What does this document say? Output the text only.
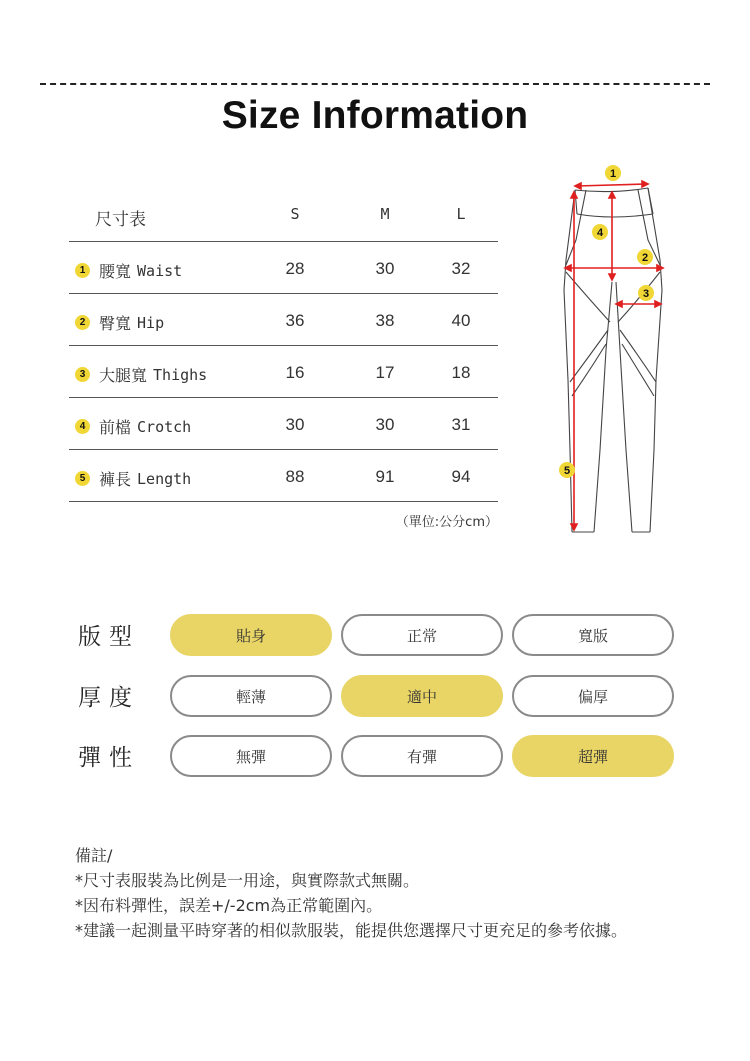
Size Information
尺寸表	S	M	L
1 腰寬 Waist	28	30	32
2 臀寬 Hip	36	38	40
3 大腿寬 Thighs	16	17	18
4 前檔 Crotch	30	30	31
5 褲長 Length	88	91	94
（單位:公分cm）
1
4
2
3
5
版型	貼身	正常	寬版
厚度	輕薄	適中	偏厚
彈性	無彈	有彈	超彈
備註/
*尺寸表服裝為比例是一用途，與實際款式無關。
*因布料彈性，誤差+/-2cm為正常範圍內。
*建議一起測量平時穿著的相似款服裝，能提供您選擇尺寸更充足的參考依據。
